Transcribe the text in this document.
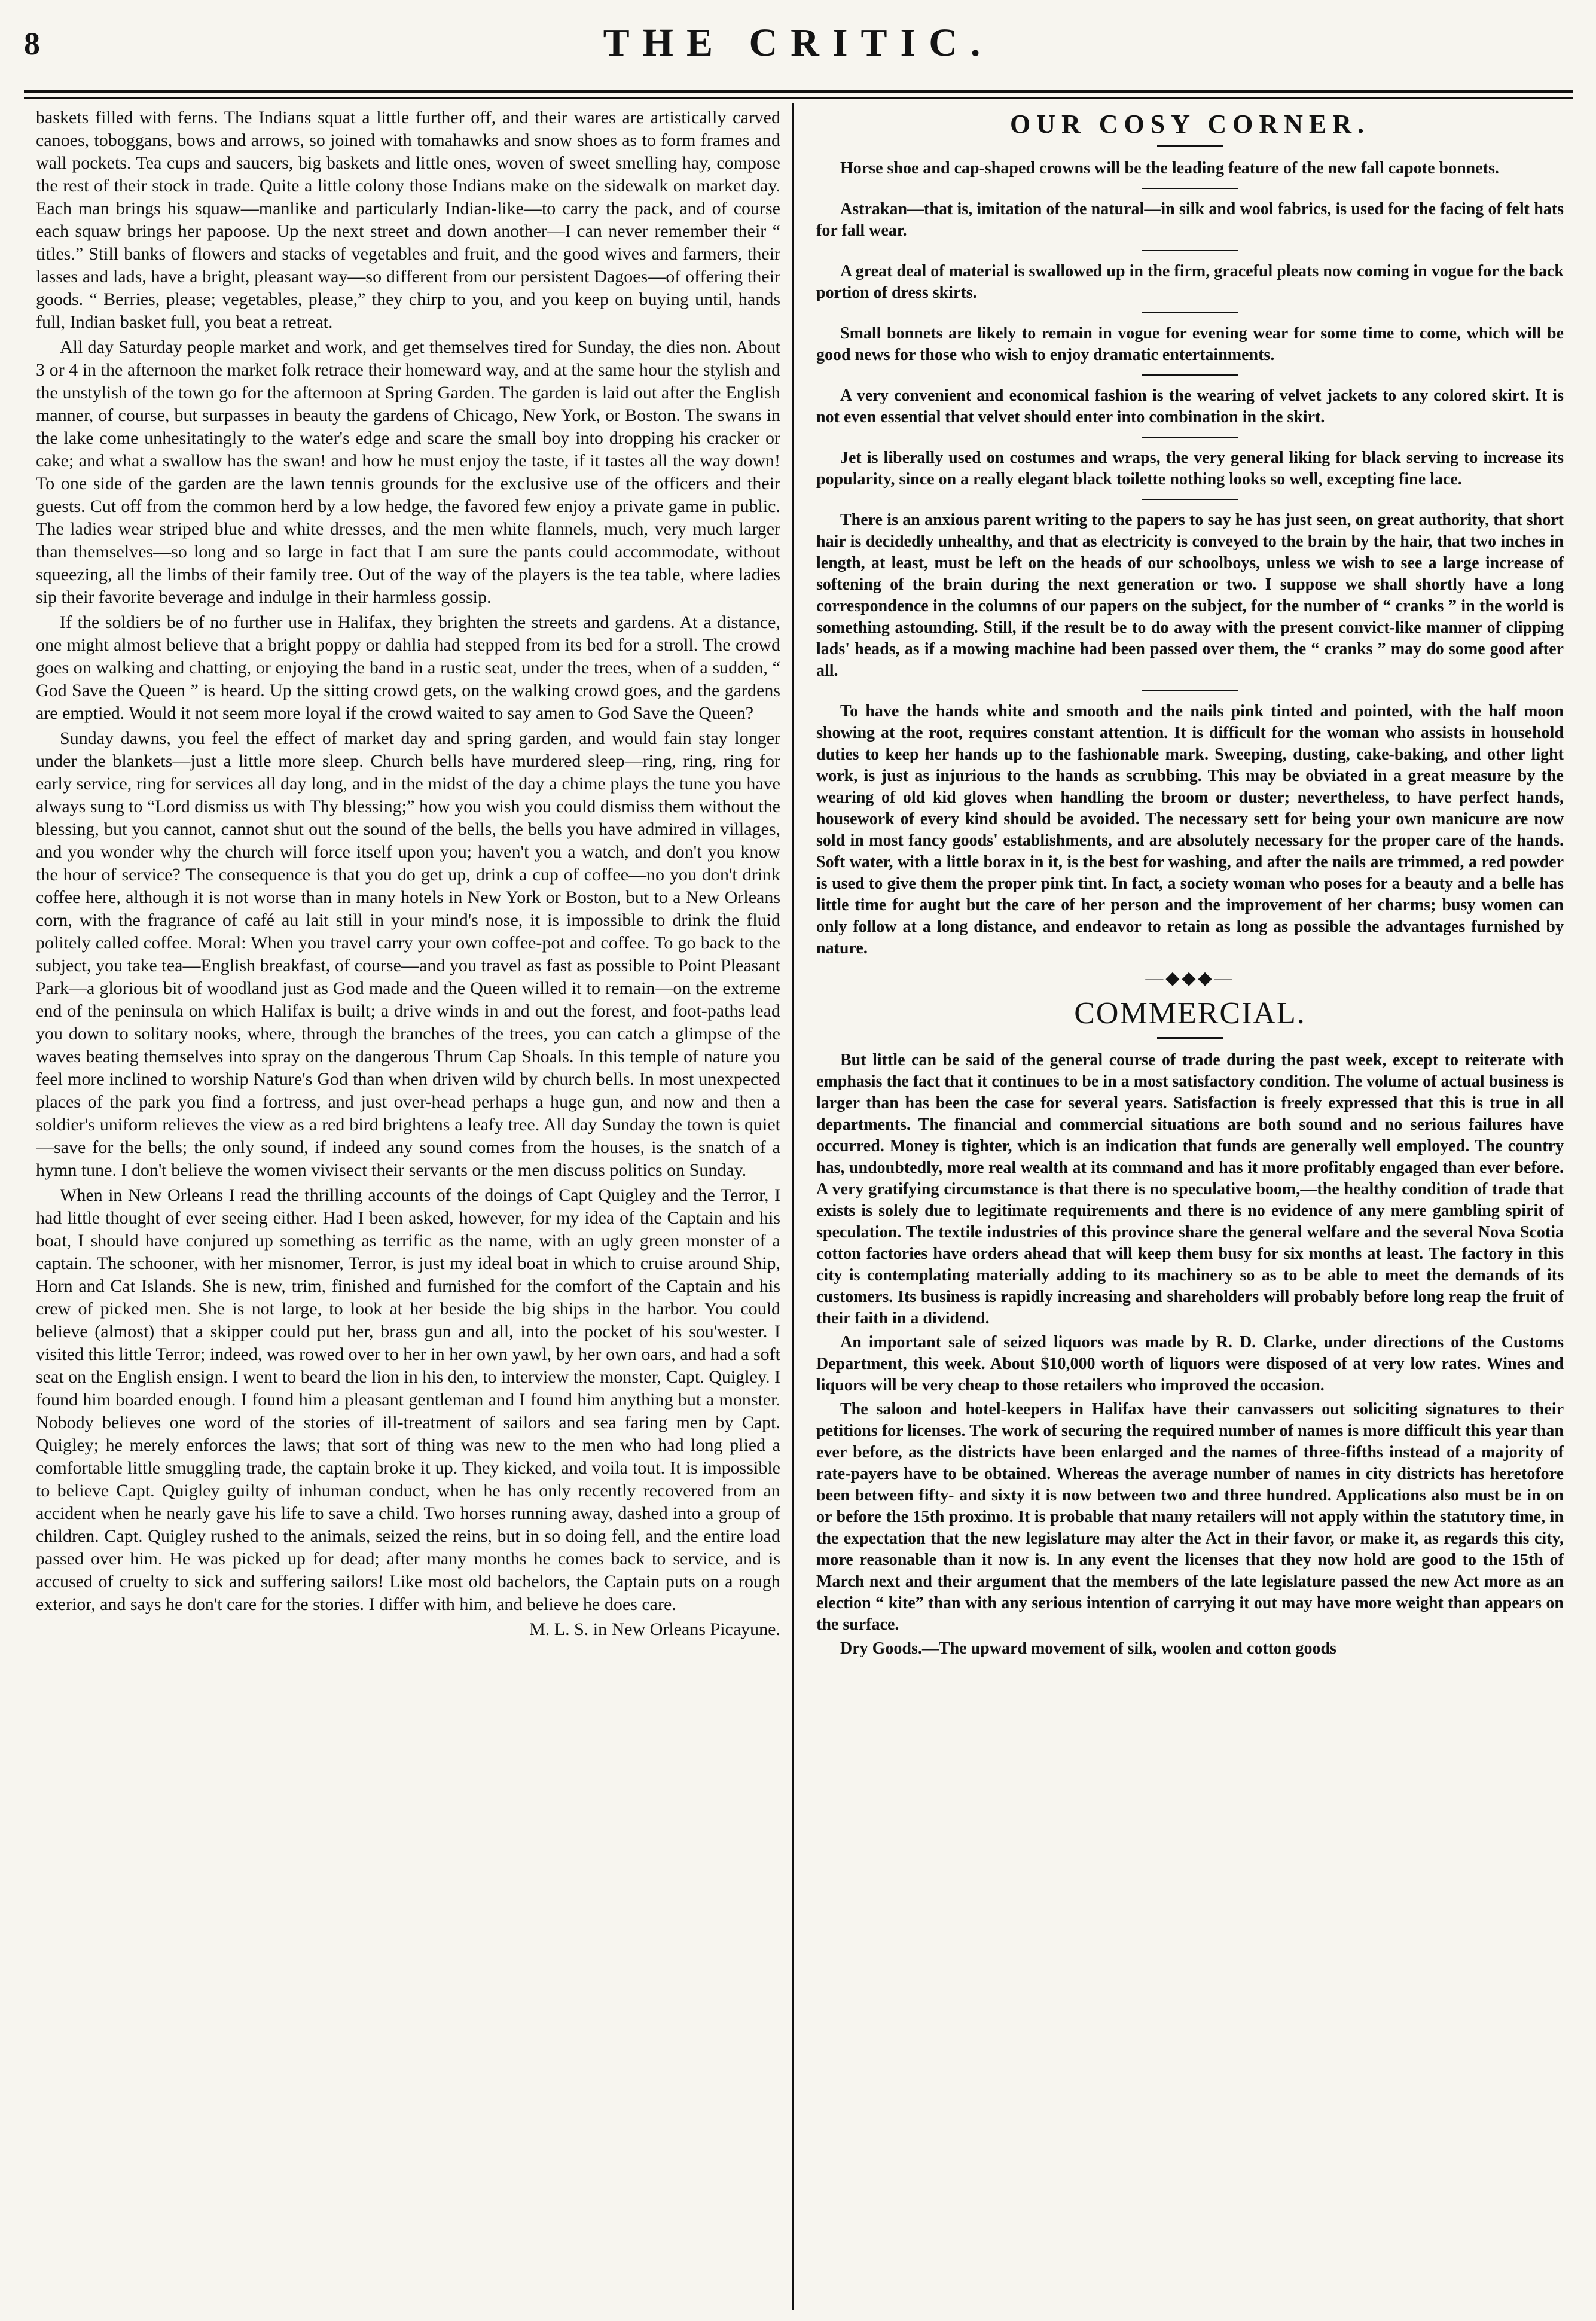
8	THE CRITIC.

baskets filled with ferns. The Indians squat a little further off, and their wares are artistically carved canoes, toboggans, bows and arrows, so joined with tomahawks and snow shoes as to form frames and wall pockets. Tea cups and saucers, big baskets and little ones, woven of sweet smelling hay, compose the rest of their stock in trade. Quite a little colony those Indians make on the sidewalk on market day. Each man brings his squaw—manlike and particularly Indian-like—to carry the pack, and of course each squaw brings her papoose. Up the next street and down another—I can never remember their “ titles.” Still banks of flowers and stacks of vegetables and fruit, and the good wives and farmers, their lasses and lads, have a bright, pleasant way—so different from our persistent Dagoes—of offering their goods. “ Berries, please; vegetables, please,” they chirp to you, and you keep on buying until, hands full, Indian basket full, you beat a retreat.

All day Saturday people market and work, and get themselves tired for Sunday, the dies non. About 3 or 4 in the afternoon the market folk retrace their homeward way, and at the same hour the stylish and the unstylish of the town go for the afternoon at Spring Garden. The garden is laid out after the English manner, of course, but surpasses in beauty the gardens of Chicago, New York, or Boston. The swans in the lake come unhesitatingly to the water's edge and scare the small boy into dropping his cracker or cake; and what a swallow has the swan! and how he must enjoy the taste, if it tastes all the way down! To one side of the garden are the lawn tennis grounds for the exclusive use of the officers and their guests. Cut off from the common herd by a low hedge, the favored few enjoy a private game in public. The ladies wear striped blue and white dresses, and the men white flannels, much, very much larger than themselves—so long and so large in fact that I am sure the pants could accommodate, without squeezing, all the limbs of their family tree. Out of the way of the players is the tea table, where ladies sip their favorite beverage and indulge in their harmless gossip.

If the soldiers be of no further use in Halifax, they brighten the streets and gardens. At a distance, one might almost believe that a bright poppy or dahlia had stepped from its bed for a stroll. The crowd goes on walking and chatting, or enjoying the band in a rustic seat, under the trees, when of a sudden, “ God Save the Queen ” is heard. Up the sitting crowd gets, on the walking crowd goes, and the gardens are emptied. Would it not seem more loyal if the crowd waited to say amen to God Save the Queen?

Sunday dawns, you feel the effect of market day and spring garden, and would fain stay longer under the blankets—just a little more sleep. Church bells have murdered sleep—ring, ring, ring for early service, ring for services all day long, and in the midst of the day a chime plays the tune you have always sung to “Lord dismiss us with Thy blessing;” how you wish you could dismiss them without the blessing, but you cannot, cannot shut out the sound of the bells, the bells you have admired in villages, and you wonder why the church will force itself upon you; haven't you a watch, and don't you know the hour of service? The consequence is that you do get up, drink a cup of coffee—no you don't drink coffee here, although it is not worse than in many hotels in New York or Boston, but to a New Orleans corn, with the fragrance of café au lait still in your mind's nose, it is impossible to drink the fluid politely called coffee. Moral: When you travel carry your own coffee-pot and coffee. To go back to the subject, you take tea—English breakfast, of course—and you travel as fast as possible to Point Pleasant Park—a glorious bit of woodland just as God made and the Queen willed it to remain—on the extreme end of the peninsula on which Halifax is built; a drive winds in and out the forest, and foot-paths lead you down to solitary nooks, where, through the branches of the trees, you can catch a glimpse of the waves beating themselves into spray on the dangerous Thrum Cap Shoals. In this temple of nature you feel more inclined to worship Nature's God than when driven wild by church bells. In most unexpected places of the park you find a fortress, and just over-head perhaps a huge gun, and now and then a soldier's uniform relieves the view as a red bird brightens a leafy tree. All day Sunday the town is quiet—save for the bells; the only sound, if indeed any sound comes from the houses, is the snatch of a hymn tune. I don't believe the women vivisect their servants or the men discuss politics on Sunday.

When in New Orleans I read the thrilling accounts of the doings of Capt Quigley and the Terror, I had little thought of ever seeing either. Had I been asked, however, for my idea of the Captain and his boat, I should have conjured up something as terrific as the name, with an ugly green monster of a captain. The schooner, with her misnomer, Terror, is just my ideal boat in which to cruise around Ship, Horn and Cat Islands. She is new, trim, finished and furnished for the comfort of the Captain and his crew of picked men. She is not large, to look at her beside the big ships in the harbor. You could believe (almost) that a skipper could put her, brass gun and all, into the pocket of his sou'wester. I visited this little Terror; indeed, was rowed over to her in her own yawl, by her own oars, and had a soft seat on the English ensign. I went to beard the lion in his den, to interview the monster, Capt. Quigley. I found him boarded enough. I found him a pleasant gentleman and I found him anything but a monster. Nobody believes one word of the stories of ill-treatment of sailors and sea faring men by Capt. Quigley; he merely enforces the laws; that sort of thing was new to the men who had long plied a comfortable little smuggling trade, the captain broke it up. They kicked, and voila tout. It is impossible to believe Capt. Quigley guilty of inhuman conduct, when he has only recently recovered from an accident when he nearly gave his life to save a child. Two horses running away, dashed into a group of children. Capt. Quigley rushed to the animals, seized the reins, but in so doing fell, and the entire load passed over him. He was picked up for dead; after many months he comes back to service, and is accused of cruelty to sick and suffering sailors! Like most old bachelors, the Captain puts on a rough exterior, and says he don't care for the stories. I differ with him, and believe he does care.

M. L. S. in New Orleans Picayune.
OUR COSY CORNER.

Horse shoe and cap-shaped crowns will be the leading feature of the new fall capote bonnets.

Astrakan—that is, imitation of the natural—in silk and wool fabrics, is used for the facing of felt hats for fall wear.

A great deal of material is swallowed up in the firm, graceful pleats now coming in vogue for the back portion of dress skirts.

Small bonnets are likely to remain in vogue for evening wear for some time to come, which will be good news for those who wish to enjoy dramatic entertainments.

A very convenient and economical fashion is the wearing of velvet jackets to any colored skirt. It is not even essential that velvet should enter into combination in the skirt.

Jet is liberally used on costumes and wraps, the very general liking for black serving to increase its popularity, since on a really elegant black toilette nothing looks so well, excepting fine lace.

There is an anxious parent writing to the papers to say he has just seen, on great authority, that short hair is decidedly unhealthy, and that as electricity is conveyed to the brain by the hair, that two inches in length, at least, must be left on the heads of our schoolboys, unless we wish to see a large increase of softening of the brain during the next generation or two. I suppose we shall shortly have a long correspondence in the columns of our papers on the subject, for the number of “ cranks ” in the world is something astounding. Still, if the result be to do away with the present convict-like manner of clipping lads' heads, as if a mowing machine had been passed over them, the “ cranks ” may do some good after all.

To have the hands white and smooth and the nails pink tinted and pointed, with the half moon showing at the root, requires constant attention. It is difficult for the woman who assists in household duties to keep her hands up to the fashionable mark. Sweeping, dusting, cake-baking, and other light work, is just as injurious to the hands as scrubbing. This may be obviated in a great measure by the wearing of old kid gloves when handling the broom or duster; nevertheless, to have perfect hands, housework of every kind should be avoided. The necessary sett for being your own manicure are now sold in most fancy goods' establishments, and are absolutely necessary for the proper care of the hands. Soft water, with a little borax in it, is the best for washing, and after the nails are trimmed, a red powder is used to give them the proper pink tint. In fact, a society woman who poses for a beauty and a belle has little time for aught but the care of her person and the improvement of her charms; busy women can only follow at a long distance, and endeavor to retain as long as possible the advantages furnished by nature.

—◆◆◆—
COMMERCIAL.

But little can be said of the general course of trade during the past week, except to reiterate with emphasis the fact that it continues to be in a most satisfactory condition. The volume of actual business is larger than has been the case for several years. Satisfaction is freely expressed that this is true in all departments. The financial and commercial situations are both sound and no serious failures have occurred. Money is tighter, which is an indication that funds are generally well employed. The country has, undoubtedly, more real wealth at its command and has it more profitably engaged than ever before. A very gratifying circumstance is that there is no speculative boom,—the healthy condition of trade that exists is solely due to legitimate requirements and there is no evidence of any mere gambling spirit of speculation. The textile industries of this province share the general welfare and the several Nova Scotia cotton factories have orders ahead that will keep them busy for six months at least. The factory in this city is contemplating materially adding to its machinery so as to be able to meet the demands of its customers. Its business is rapidly increasing and shareholders will probably before long reap the fruit of their faith in a dividend.

An important sale of seized liquors was made by R. D. Clarke, under directions of the Customs Department, this week. About $10,000 worth of liquors were disposed of at very low rates. Wines and liquors will be very cheap to those retailers who improved the occasion.

The saloon and hotel-keepers in Halifax have their canvassers out soliciting signatures to their petitions for licenses. The work of securing the required number of names is more difficult this year than ever before, as the districts have been enlarged and the names of three-fifths instead of a majority of rate-payers have to be obtained. Whereas the average number of names in city districts has heretofore been between fifty- and sixty it is now between two and three hundred. Applications also must be in on or before the 15th proximo. It is probable that many retailers will not apply within the statutory time, in the expectation that the new legislature may alter the Act in their favor, or make it, as regards this city, more reasonable than it now is. In any event the licenses that they now hold are good to the 15th of March next and their argument that the members of the late legislature passed the new Act more as an election “ kite” than with any serious intention of carrying it out may have more weight than appears on the surface.

Dry Goods.—The upward movement of silk, woolen and cotton goods
